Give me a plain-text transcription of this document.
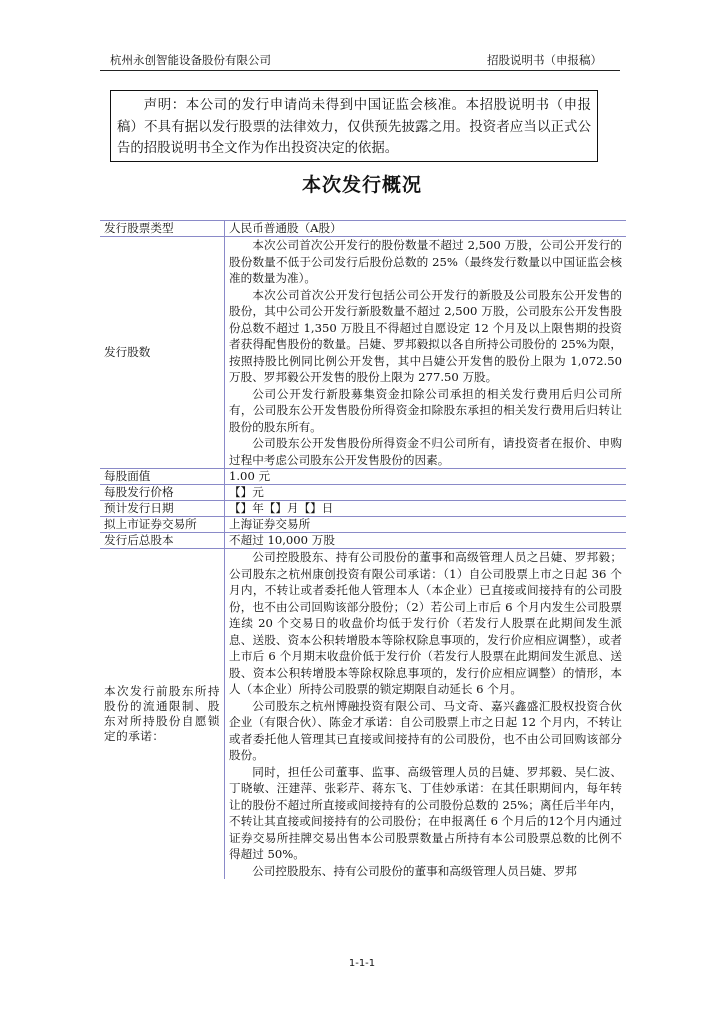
杭州永创智能设备股份有限公司	招股说明书（申报稿）
声明：本公司的发行申请尚未得到中国证监会核准。本招股说明书（申报稿）不具有据以发行股票的法律效力，仅供预先披露之用。投资者应当以正式公告的招股说明书全文作为作出投资决定的依据。
本次发行概况
发行股票类型	人民币普通股（A股）
发行股数	本次公司首次公开发行的股份数量不超过 2,500 万股，公司公开发行的股份数量不低于公司发行后股份总数的 25%（最终发行数量以中国证监会核准的数量为准）。

本次公司首次公开发行包括公司公开发行的新股及公司股东公开发售的股份，其中公司公开发行新股数量不超过 2,500 万股，公司股东公开发售股份总数不超过 1,350 万股且不得超过自愿设定 12 个月及以上限售期的投资者获得配售股份的数量。吕婕、罗邦毅拟以各自所持公司股份的 25%为限，按照持股比例同比例公开发售，其中吕婕公开发售的股份上限为 1,072.50 万股、罗邦毅公开发售的股份上限为 277.50 万股。

公司公开发行新股募集资金扣除公司承担的相关发行费用后归公司所有，公司股东公开发售股份所得资金扣除股东承担的相关发行费用后归转让股份的股东所有。

公司股东公开发售股份所得资金不归公司所有，请投资者在报价、申购过程中考虑公司股东公开发售股份的因素。

每股面值	1.00 元
每股发行价格	【】元
预计发行日期	【】年【】月【】日
拟上市证券交易所	上海证券交易所
发行后总股本	不超过 10,000 万股
本次发行前股东所持股份的流通限制、股东对所持股份自愿锁定的承诺：	公司控股股东、持有公司股份的董事和高级管理人员之吕婕、罗邦毅；公司股东之杭州康创投资有限公司承诺：（1）自公司股票上市之日起 36 个月内，不转让或者委托他人管理本人（本企业）已直接或间接持有的公司股份，也不由公司回购该部分股份；（2）若公司上市后 6 个月内发生公司股票连续 20 个交易日的收盘价均低于发行价（若发行人股票在此期间发生派息、送股、资本公积转增股本等除权除息事项的，发行价应相应调整），或者上市后 6 个月期末收盘价低于发行价（若发行人股票在此期间发生派息、送股、资本公积转增股本等除权除息事项的，发行价应相应调整）的情形，本人（本企业）所持公司股票的锁定期限自动延长 6 个月。

公司股东之杭州博融投资有限公司、马文奇、嘉兴鑫盛汇股权投资合伙企业（有限合伙）、陈金才承诺：自公司股票上市之日起 12 个月内，不转让或者委托他人管理其已直接或间接持有的公司股份，也不由公司回购该部分股份。

同时，担任公司董事、监事、高级管理人员的吕婕、罗邦毅、吴仁波、丁晓敏、汪建萍、张彩芹、蒋东飞、丁佳妙承诺：在其任职期间内，每年转让的股份不超过所直接或间接持有的公司股份总数的 25%；离任后半年内，不转让其直接或间接持有的公司股份；在申报离任 6 个月后的12个月内通过证券交易所挂牌交易出售本公司股票数量占所持有本公司股票总数的比例不得超过 50%。

公司控股股东、持有公司股份的董事和高级管理人员吕婕、罗邦

1-1-1
